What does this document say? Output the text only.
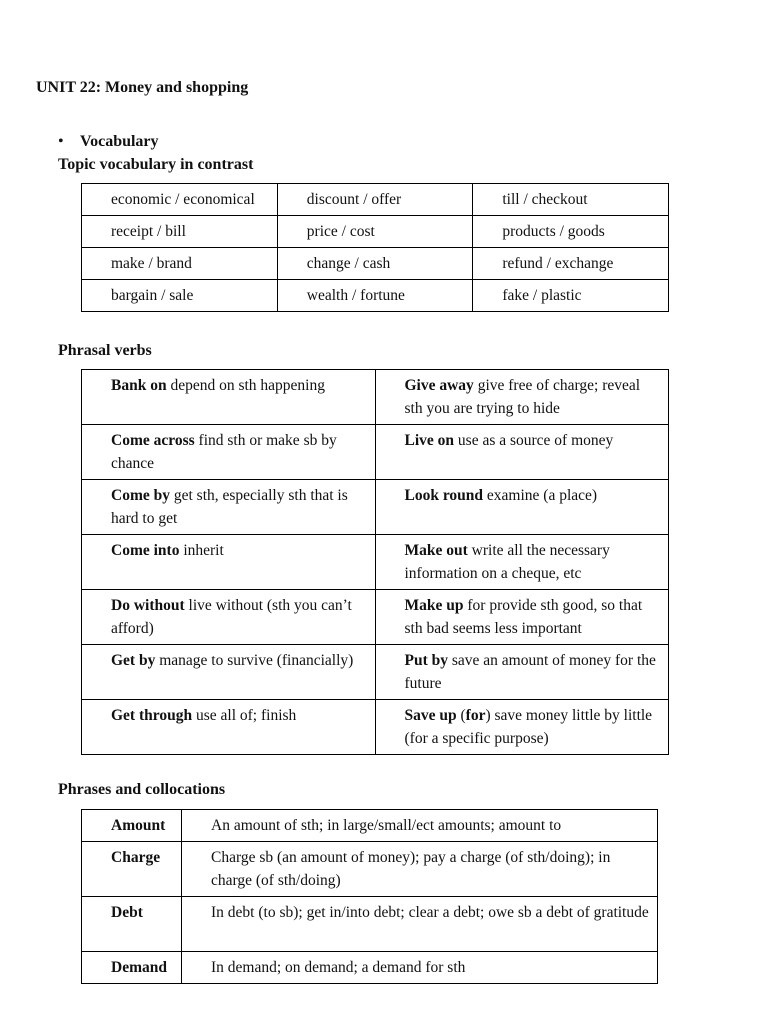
UNIT 22: Money and shopping
• Vocabulary
Topic vocabulary in contrast
economic / economical	discount / offer	till / checkout
receipt / bill	price / cost	products / goods
make / brand	change / cash	refund / exchange
bargain / sale	wealth / fortune	fake / plastic
Phrasal verbs
Bank on depend on sth happening	Give away give free of charge; reveal sth you are trying to hide
Come across find sth or make sb by chance	Live on use as a source of money
Come by get sth, especially sth that is hard to get	Look round examine (a place)
Come into inherit	Make out write all the necessary information on a cheque, etc
Do without live without (sth you can’t afford)	Make up for provide sth good, so that sth bad seems less important
Get by manage to survive (financially)	Put by save an amount of money for the future
Get through use all of; finish	Save up (for) save money little by little (for a specific purpose)
Phrases and collocations
Amount	An amount of sth; in large/small/ect amounts; amount to
Charge	Charge sb (an amount of money); pay a charge (of sth/doing); in charge (of sth/doing)
Debt	In debt (to sb); get in/into debt; clear a debt; owe sb a debt of gratitude
Demand	In demand; on demand; a demand for sth
